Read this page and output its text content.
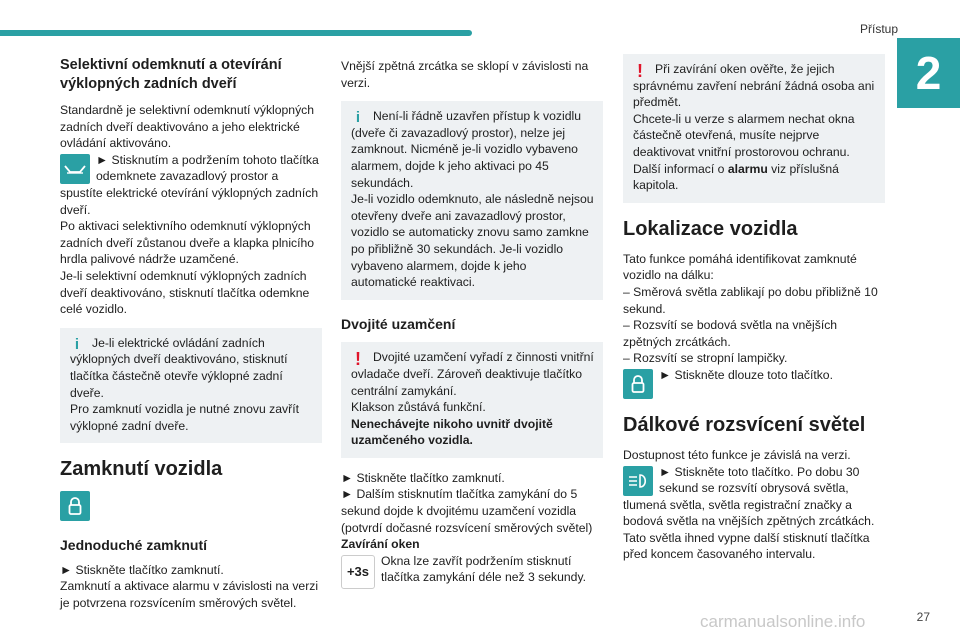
Přístup
2
Selektivní odemknutí a otevírání výklopných zadních dveří

Standardně je selektivní odemknutí výklopných zadních dveří deaktivováno a jeho elektrické ovládání aktivováno.

► Stisknutím a podržením tohoto tlačítka odemknete zavazadlový prostor a spustíte elektrické otevírání výklopných zadních dveří.

Po aktivaci selektivního odemknutí výklopných zadních dveří zůstanou dveře a klapka plnicího hrdla palivové nádrže uzamčené.

Je-li selektivní odemknutí výklopných zadních dveří deaktivováno, stisknutí tlačítka odemkne celé vozidlo.

i	Je-li elektrické ovládání zadních výklopných dveří deaktivováno, stisknutí tlačítka částečně otevře výklopné zadní dveře.

Pro zamknutí vozidla je nutné znovu zavřít výklopné zadní dveře.

Zamknutí vozidla
Jednoduché zamknutí

► Stiskněte tlačítko zamknutí.

Zamknutí a aktivace alarmu v závislosti na verzi je potvrzena rozsvícením směrových světel.

Vnější zpětná zrcátka se sklopí v závislosti na verzi.

i	Není-li řádně uzavřen přístup k vozidlu (dveře či zavazadlový prostor), nelze jej zamknout. Nicméně je-li vozidlo vybaveno alarmem, dojde k jeho aktivaci po 45 sekundách.

Je-li vozidlo odemknuto, ale následně nejsou otevřeny dveře ani zavazadlový prostor, vozidlo se automaticky znovu samo zamkne po přibližně 30 sekundách. Je-li vozidlo vybaveno alarmem, dojde k jeho automatické reaktivaci.

Dvojité uzamčení
! Dvojité uzamčení vyřadí z činnosti vnitřní ovladače dveří. Zároveň deaktivuje tlačítko centrální zamykání.

Klakson zůstává funkční.

Nenechávejte nikoho uvnitř dvojitě uzamčeného vozidla.

► Stiskněte tlačítko zamknutí.

► Dalším stisknutím tlačítka zamykání do 5 sekund dojde k dvojitému uzamčení vozidla (potvrdí dočasné rozsvícení směrových světel)

Zavírání oken

+3s

Okna lze zavřít podržením stisknutí tlačítka zamykání déle než 3 sekundy.

! Při zavírání oken ověřte, že jejich správnému zavření nebrání žádná osoba ani předmět.

Chcete-li u verze s alarmem nechat okna částečně otevřená, musíte nejprve deaktivovat vnitřní prostorovou ochranu.

Další informací o alarmu viz příslušná kapitola.

Lokalizace vozidla

Tato funkce pomáhá identifikovat zamknuté vozidlo na dálku:

– Směrová světla zablikají po dobu přibližně 10 sekund.

– Rozsvítí se bodová světla na vnějších zpětných zrcátkách.

– Rozsvítí se stropní lampičky.

► Stiskněte dlouze toto tlačítko.

Dálkové rozsvícení světel

Dostupnost této funkce je závislá na verzi.

► Stiskněte toto tlačítko. Po dobu 30 sekund se rozsvítí obrysová světla, tlumená světla, světla registrační značky a bodová světla na vnějších zpětných zrcátkách.

Tato světla ihned vypne další stisknutí tlačítka před koncem časovaného intervalu.

carmanualsonline.info	27
